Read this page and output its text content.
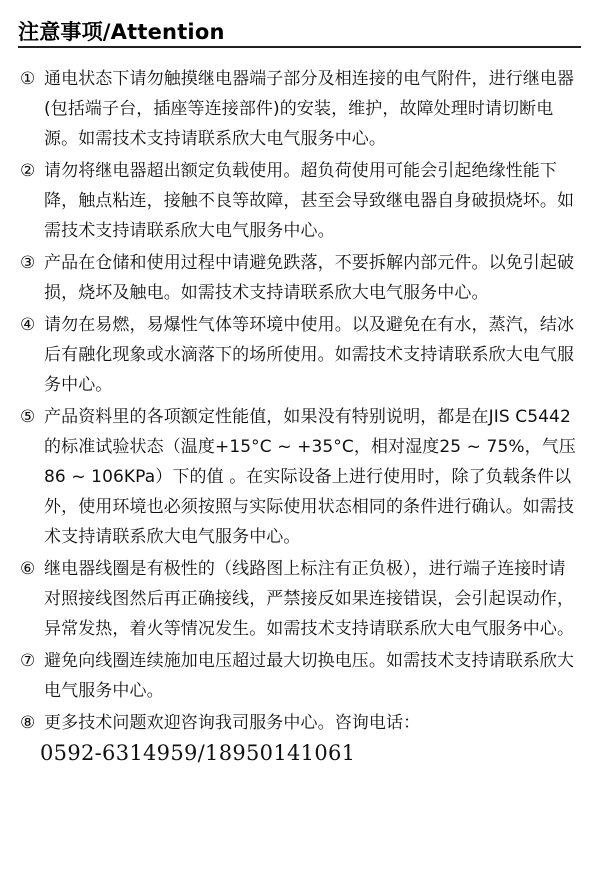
注意事项/Attention
① 通电状态下请勿触摸继电器端子部分及相连接的电气附件，进行继电器(包括端子台，插座等连接部件)的安装，维护，故障处理时请切断电源。如需技术支持请联系欣大电气服务中心。
② 请勿将继电器超出额定负载使用。超负荷使用可能会引起绝缘性能下降，触点粘连，接触不良等故障，甚至会导致继电器自身破损烧坏。如需技术支持请联系欣大电气服务中心。
③ 产品在仓储和使用过程中请避免跌落，不要拆解内部元件。以免引起破损，烧坏及触电。如需技术支持请联系欣大电气服务中心。
④ 请勿在易燃，易爆性气体等环境中使用。以及避免在有水，蒸汽，结冰后有融化现象或水滴落下的场所使用。如需技术支持请联系欣大电气服务中心。
⑤ 产品资料里的各项额定性能值，如果没有特别说明，都是在JIS C5442的标准试验状态（温度+15°C ~ +35°C，相对湿度25 ~ 75%，气压86 ~ 106KPa）下的值 。在实际设备上进行使用时，除了负载条件以外，使用环境也必须按照与实际使用状态相同的条件进行确认。如需技术支持请联系欣大电气服务中心。
⑥ 继电器线圈是有极性的（线路图上标注有正负极），进行端子连接时请对照接线图然后再正确接线，严禁接反如果连接错误，会引起误动作，异常发热，着火等情况发生。如需技术支持请联系欣大电气服务中心。
⑦ 避免向线圈连续施加电压超过最大切换电压。如需技术支持请联系欣大电气服务中心。
⑧ 更多技术问题欢迎咨询我司服务中心。咨询电话：
0592-6314959/18950141061
